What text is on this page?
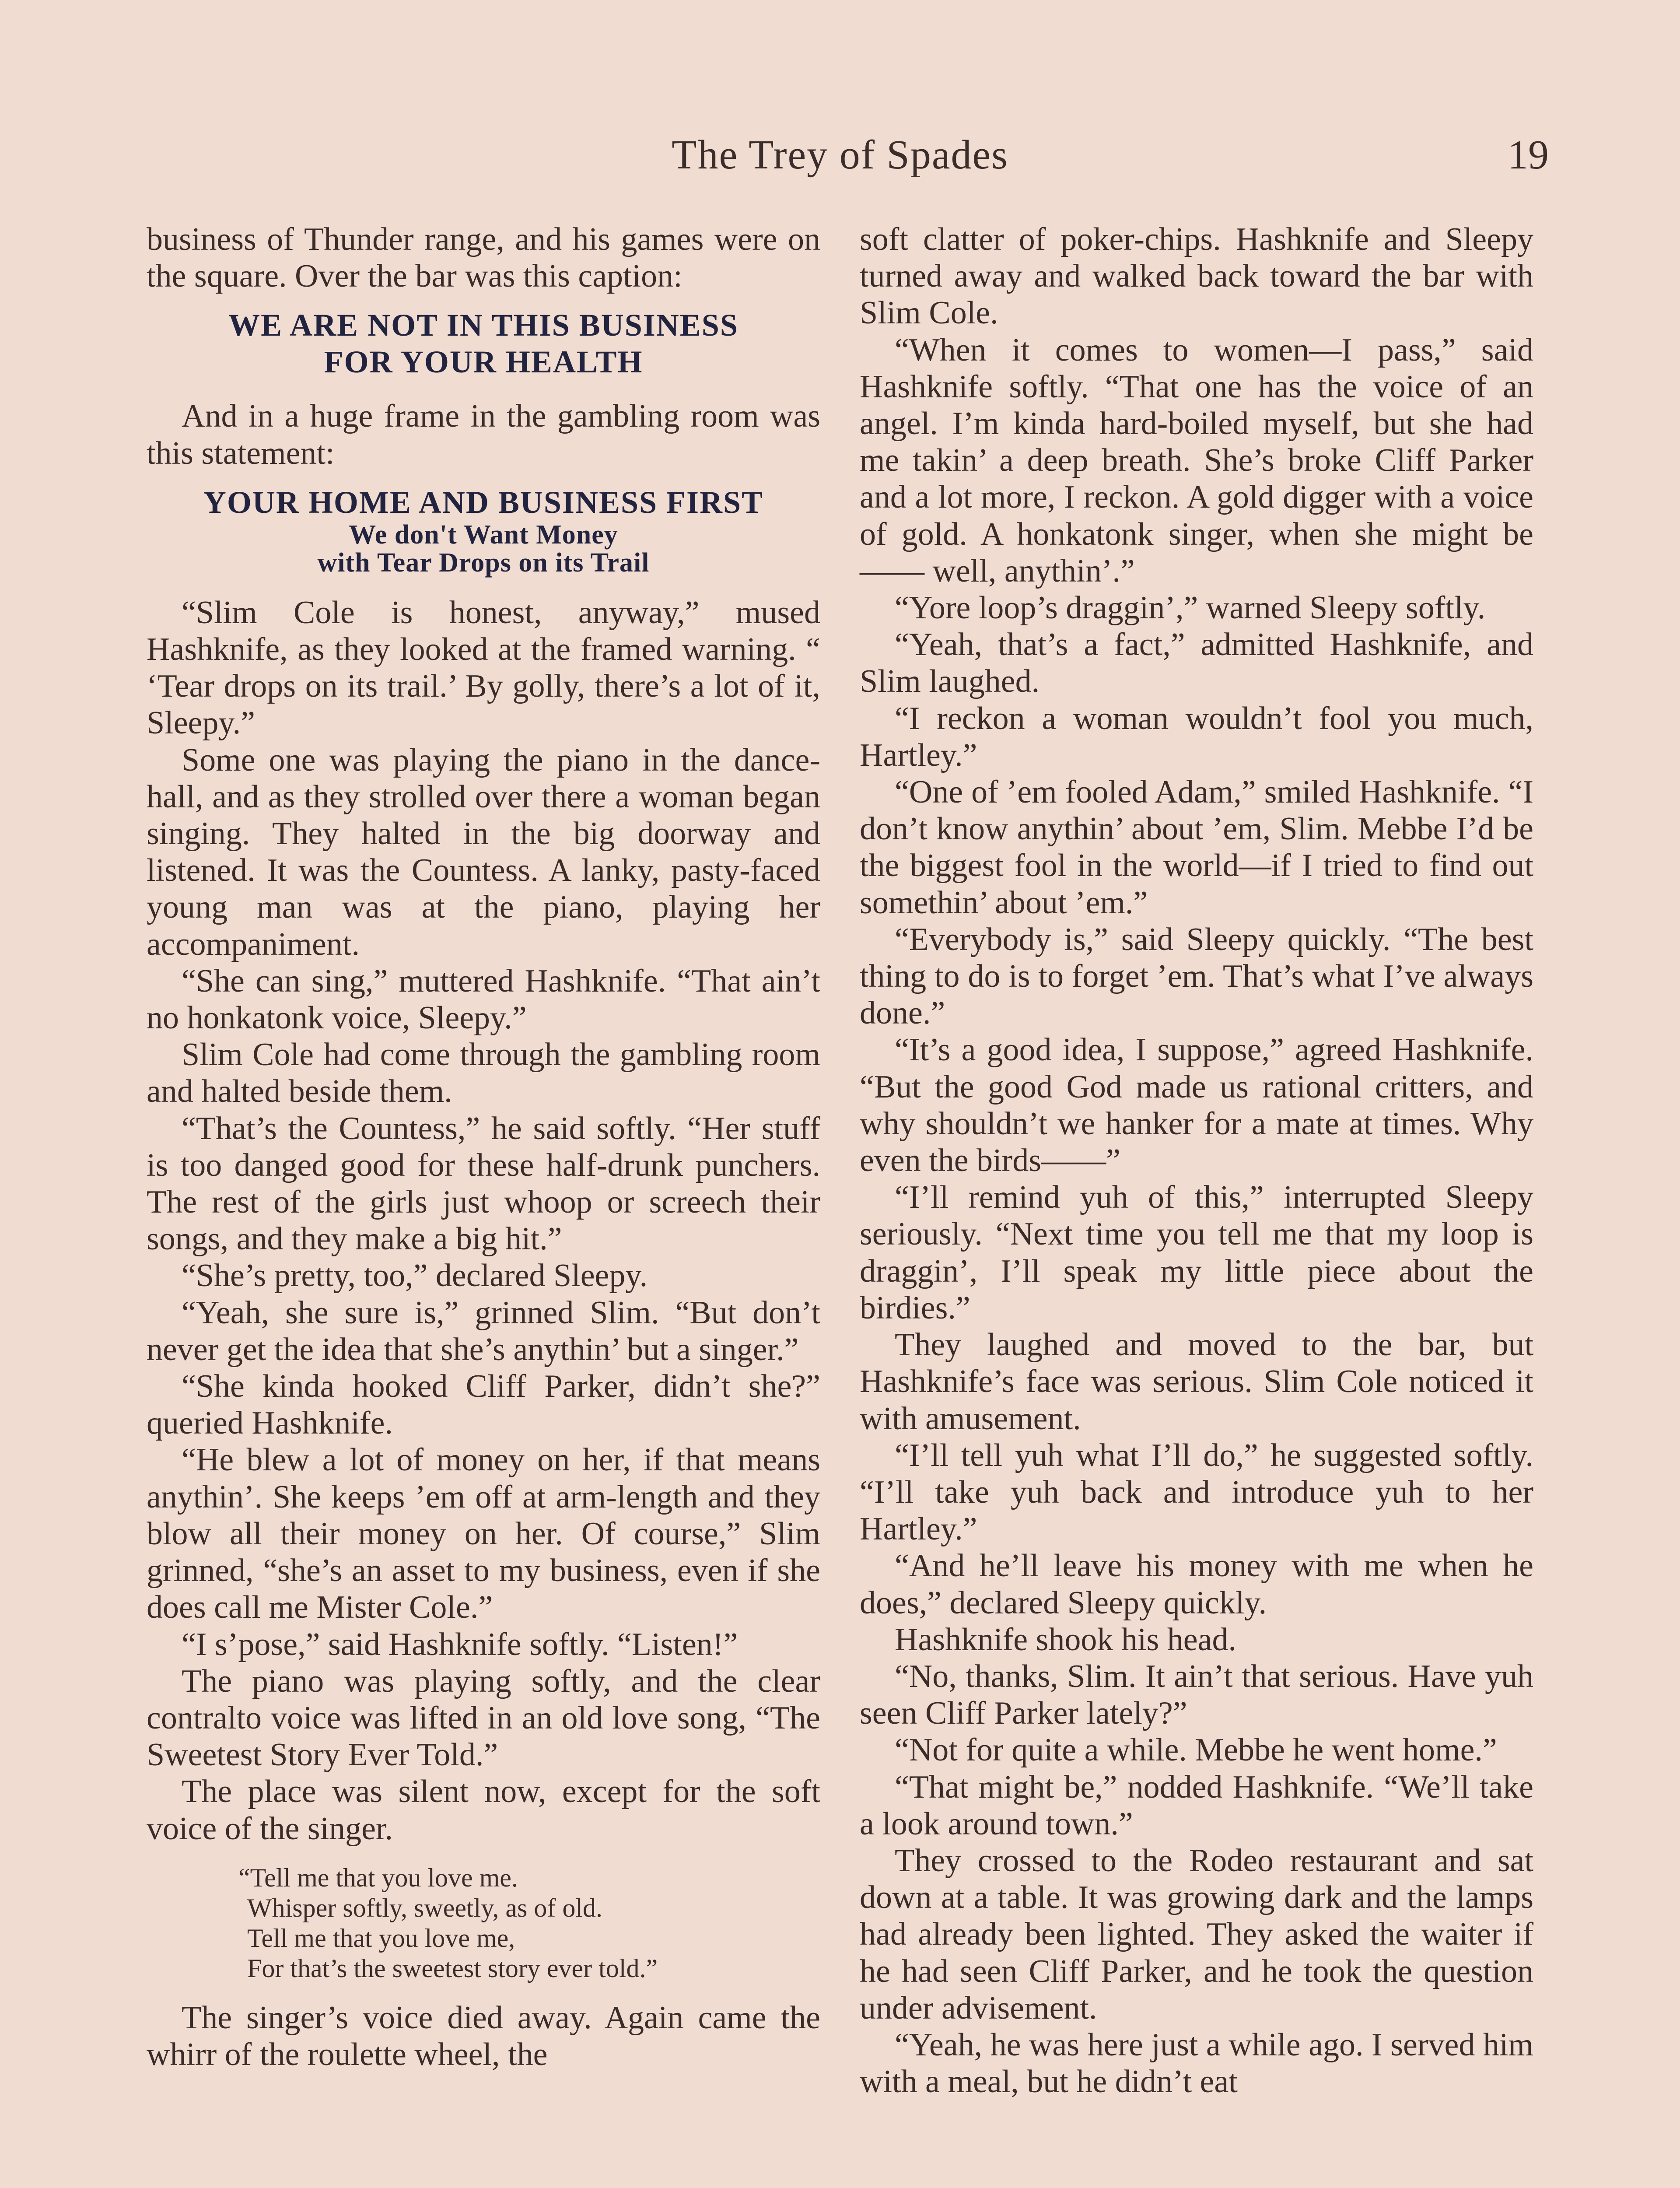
The Trey of Spades	19

business of Thunder range, and his games were on the square. Over the bar was this caption:

WE ARE NOT IN THIS BUSINESS
FOR YOUR HEALTH

And in a huge frame in the gambling room was this statement:

YOUR HOME AND BUSINESS FIRST
We don't Want Money
with Tear Drops on its Trail

“Slim Cole is honest, anyway,” mused Hashknife, as they looked at the framed warning. “ ‘Tear drops on its trail.’ By golly, there’s a lot of it, Sleepy.”

Some one was playing the piano in the dance-hall, and as they strolled over there a woman began singing. They halted in the big doorway and listened. It was the Countess. A lanky, pasty-faced young man was at the piano, playing her accompaniment.

“She can sing,” muttered Hashknife. “That ain’t no honkatonk voice, Sleepy.”

Slim Cole had come through the gambling room and halted beside them.

“That’s the Countess,” he said softly. “Her stuff is too danged good for these half-drunk punchers. The rest of the girls just whoop or screech their songs, and they make a big hit.”

“She’s pretty, too,” declared Sleepy.

“Yeah, she sure is,” grinned Slim. “But don’t never get the idea that she’s anythin’ but a singer.”

“She kinda hooked Cliff Parker, didn’t she?” queried Hashknife.

“He blew a lot of money on her, if that means anythin’. She keeps ’em off at arm-length and they blow all their money on her. Of course,” Slim grinned, “she’s an asset to my business, even if she does call me Mister Cole.”

“I s’pose,” said Hashknife softly. “Listen!”

The piano was playing softly, and the clear contralto voice was lifted in an old love song, “The Sweetest Story Ever Told.”

The place was silent now, except for the soft voice of the singer.

“Tell me that you love me.
Whisper softly, sweetly, as of old.
Tell me that you love me,
For that’s the sweetest story ever told.”

The singer’s voice died away. Again came the whirr of the roulette wheel, the

soft clatter of poker-chips. Hashknife and Sleepy turned away and walked back toward the bar with Slim Cole.

“When it comes to women—I pass,” said Hashknife softly. “That one has the voice of an angel. I’m kinda hard-boiled myself, but she had me takin’ a deep breath. She’s broke Cliff Parker and a lot more, I reckon. A gold digger with a voice of gold. A honkatonk singer, when she might be —— well, anythin’.”

“Yore loop’s draggin’,” warned Sleepy softly.

“Yeah, that’s a fact,” admitted Hashknife, and Slim laughed.

“I reckon a woman wouldn’t fool you much, Hartley.”

“One of ’em fooled Adam,” smiled Hashknife. “I don’t know anythin’ about ’em, Slim. Mebbe I’d be the biggest fool in the world—if I tried to find out somethin’ about ’em.”

“Everybody is,” said Sleepy quickly. “The best thing to do is to forget ’em. That’s what I’ve always done.”

“It’s a good idea, I suppose,” agreed Hashknife. “But the good God made us rational critters, and why shouldn’t we hanker for a mate at times. Why even the birds——”

“I’ll remind yuh of this,” interrupted Sleepy seriously. “Next time you tell me that my loop is draggin’, I’ll speak my little piece about the birdies.”

They laughed and moved to the bar, but Hashknife’s face was serious. Slim Cole noticed it with amusement.

“I’ll tell yuh what I’ll do,” he suggested softly. “I’ll take yuh back and introduce yuh to her Hartley.”

“And he’ll leave his money with me when he does,” declared Sleepy quickly.

Hashknife shook his head.

“No, thanks, Slim. It ain’t that serious. Have yuh seen Cliff Parker lately?”

“Not for quite a while. Mebbe he went home.”

“That might be,” nodded Hashknife. “We’ll take a look around town.”

They crossed to the Rodeo restaurant and sat down at a table. It was growing dark and the lamps had already been lighted. They asked the waiter if he had seen Cliff Parker, and he took the question under advisement.

“Yeah, he was here just a while ago. I served him with a meal, but he didn’t eat
